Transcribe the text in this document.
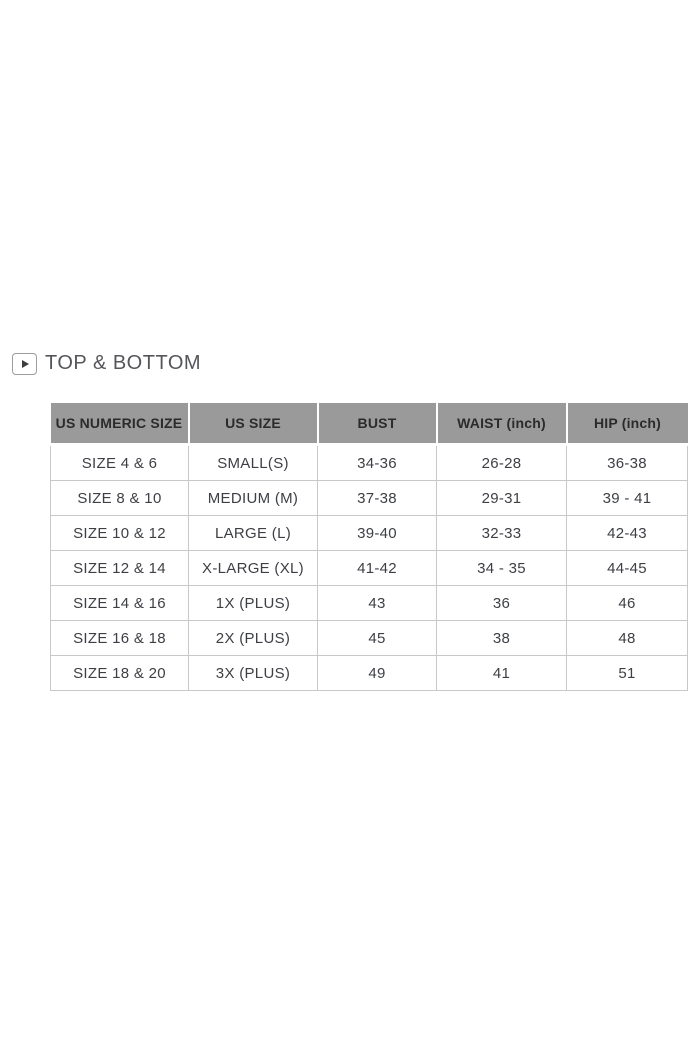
TOP & BOTTOM
US NUMERIC SIZE	US SIZE	BUST	WAIST (inch)	HIP (inch)
SIZE 4 & 6	SMALL(S)	34-36	26-28	36-38
SIZE 8 & 10	MEDIUM (M)	37-38	29-31	39 - 41
SIZE 10 & 12	LARGE (L)	39-40	32-33	42-43
SIZE 12 & 14	X-LARGE (XL)	41-42	34 - 35	44-45
SIZE 14 & 16	1X (PLUS)	43	36	46
SIZE 16 & 18	2X (PLUS)	45	38	48
SIZE 18 & 20	3X (PLUS)	49	41	51
